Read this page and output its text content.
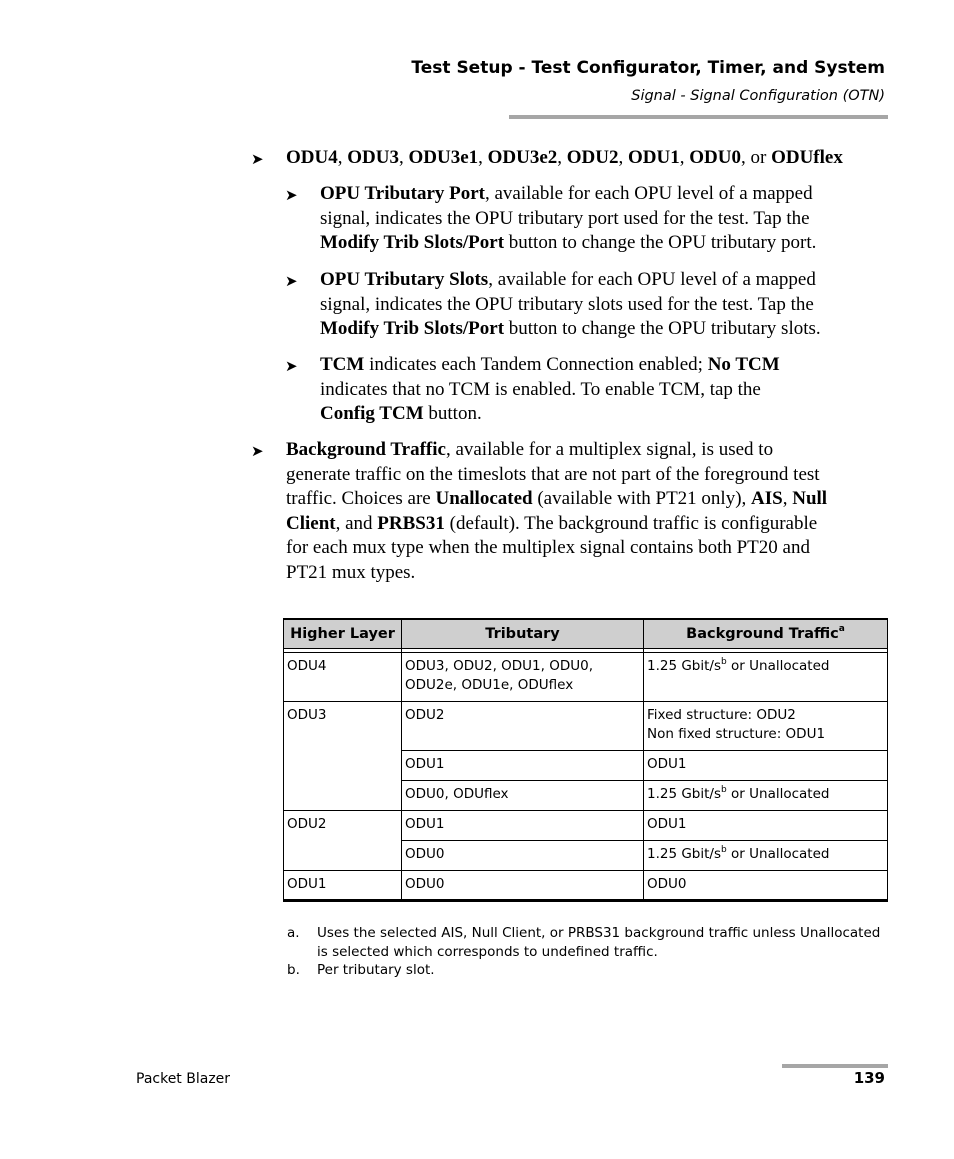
Test Setup - Test Configurator, Timer, and System
Signal - Signal Configuration (OTN)
➤ ODU4, ODU3, ODU3e1, ODU3e2, ODU2, ODU1, ODU0, or ODUflex
➤ OPU Tributary Port, available for each OPU level of a mapped
signal, indicates the OPU tributary port used for the test. Tap the
Modify Trib Slots/Port button to change the OPU tributary port.
➤ OPU Tributary Slots, available for each OPU level of a mapped
signal, indicates the OPU tributary slots used for the test. Tap the
Modify Trib Slots/Port button to change the OPU tributary slots.
➤ TCM indicates each Tandem Connection enabled; No TCM
indicates that no TCM is enabled. To enable TCM, tap the
Config TCM button.
➤ Background Traffic, available for a multiplex signal, is used to
generate traffic on the timeslots that are not part of the foreground test
traffic. Choices are Unallocated (available with PT21 only), AIS, Null
Client, and PRBS31 (default). The background traffic is configurable
for each mux type when the multiplex signal contains both PT20 and
PT21 mux types.
Higher Layer	Tributary	Background Traffic$^a$

ODU4	ODU3, ODU2, ODU1, ODU0,
ODU2e, ODU1e, ODUflex	1.25 Gbit/$s^b$ or Unallocated
ODU3	ODU2	Fixed structure: ODU2
Non fixed structure: ODU1

	ODU1	ODU1
	ODU0, ODUflex	1.25 Gbit/$s^b$ or Unallocated
ODU2	ODU1	ODU1
	ODU0	1.25 Gbit/$s^b$ or Unallocated
ODU1	ODU0	ODU0
a. Uses the selected AIS, Null Client, or PRBS31 background traffic unless Unallocated
is selected which corresponds to undefined traffic.
b. Per tributary slot.
Packet Blazer	139
